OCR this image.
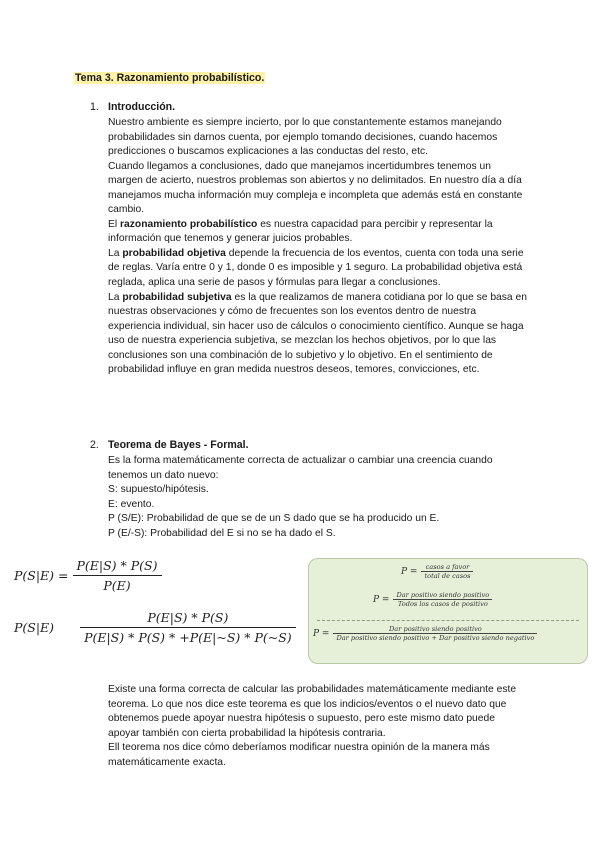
Tema 3. Razonamiento probabilístico.
1. Introducción.

Nuestro ambiente es siempre incierto, por lo que constantemente estamos manejando probabilidades sin darnos cuenta, por ejemplo tomando decisiones, cuando hacemos predicciones o buscamos explicaciones a las conductas del resto, etc.

Cuando llegamos a conclusiones, dado que manejamos incertidumbres tenemos un margen de acierto, nuestros problemas son abiertos y no delimitados. En nuestro día a día manejamos mucha información muy compleja e incompleta que además está en constante cambio.

El razonamiento probabilístico es nuestra capacidad para percibir y representar la información que tenemos y generar juicios probables.

La probabilidad objetiva depende la frecuencia de los eventos, cuenta con toda una serie de reglas. Varía entre 0 y 1, donde 0 es imposible y 1 seguro. La probabilidad objetiva está reglada, aplica una serie de pasos y fórmulas para llegar a conclusiones.

La probabilidad subjetiva es la que realizamos de manera cotidiana por lo que se basa en nuestras observaciones y cómo de frecuentes son los eventos dentro de nuestra experiencia individual, sin hacer uso de cálculos o conocimiento científico. Aunque se haga uso de nuestra experiencia subjetiva, se mezclan los hechos objetivos, por lo que las conclusiones son una combinación de lo subjetivo y lo objetivo. En el sentimiento de probabilidad influye en gran medida nuestros deseos, temores, convicciones, etc.

2. Teorema de Bayes - Formal.

Es la forma matemáticamente correcta de actualizar o cambiar una creencia cuando tenemos un dato nuevo:

S: supuesto/hipótesis.

E: evento.

P (S/E): Probabilidad de que se de un S dado que se ha producido un E.

P (E/-S): Probabilidad del E si no se ha dado el S.

$P(S|E) = \frac{P(E|S) * P(S)}{P(E)}$
$P(S|E) \frac{P(E|S) * P(S)}{P(E|S) * P(S) * +P(E|\sim S) * P(\sim S)}$
$P = \frac{\text{casos a favor}}{\text{total de casos}}$
$P = \frac{\text{Dar positivo siendo positivo}}{\text{Todos los casos de positivo}}$
$P = \frac{\text{Dar positivo siendo positivo}}{\text{Dar positivo siendo positivo + Dar positivo siendo negativo}}$

Existe una forma correcta de calcular las probabilidades matemáticamente mediante este teorema. Lo que nos dice este teorema es que los indicios/eventos o el nuevo dato que obtenemos puede apoyar nuestra hipótesis o supuesto, pero este mismo dato puede apoyar también con cierta probabilidad la hipótesis contraria.

Ell teorema nos dice cómo deberíamos modificar nuestra opinión de la manera más matemáticamente exacta.
